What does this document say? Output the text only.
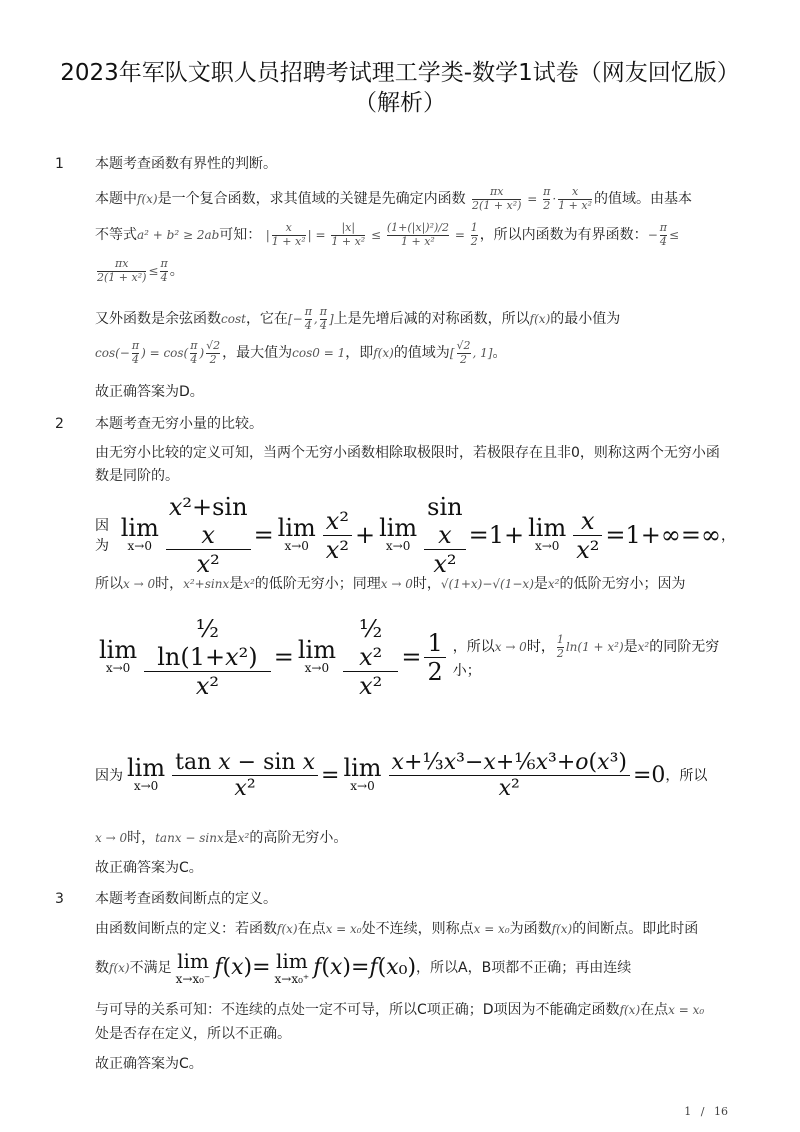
2023年军队文职人员招聘考试理工学类-数学1试卷（网友回忆版）（解析）
1 本题考查函数有界性的判断。
本题中f(x)是一个复合函数，求其值域的关键是先确定内函数 $\frac{\pi x}{\text{2(1 + x²)}} = \frac{\pi}{2} \cdot \frac{x}{\text{1 + x²}}$ 的值域。由基本
不等式a² + b² ≥ 2ab可知： | $\frac{x}{\text{1 + x²}}$ | = $\frac{|x|}{\text{1 + x²}} \le \frac{\text{(1+(|x|)²)/2}}{\text{1 + x²}} = \frac{1}{2}$ ，所以内函数为有界函数：− $\frac{\pi}{4}$ ≤
$\frac{\pi x}{\text{2(1 + x²)}} \le \frac{\pi}{4}$ 。
又外函数是余弦函数cost，它在[− $\frac{\pi}{4}$ , $\frac{\pi}{4}$ ]上是先增后减的对称函数，所以f(x)的最小值为
$\cos(- \frac{\pi}{4}$ ) = $\cos( \frac{\pi}{4}$ ) $\frac{√2}{2}$ ，最大值为cos0 = 1，即f(x)的值域为[ $\frac{√2}{2}$ , 1]。
故正确答案为D。
2 本题考查无穷小量的比较。
由无穷小比较的定义可知，当两个无穷小函数相除取极限时，若极限存在且非0，则称这两个无穷小函数是同阶的。
因为
lim
$x\to 0 \frac{\text{x²+sin x}}{\text{x²}} = \lim$
x→0
x²
x²
+ lim
$x\to 0 \frac{\text{sin x}}{\text{x²}} =1+ \lim$
$x\to 0 \frac{x}{\text{x²}} =1+\infty=\infty$ ，
所以x → 0时，x²+sinx是x²的低阶无穷小；同理x → 0时，√(1+x)−√(1−x)是x²的低阶无穷小；因为
lim
$x\to 0 \frac{\text{½ ln(1+x²)}}{\text{x²}} = \lim$
$x\to 0 \frac{\text{½ x²}}{\text{x²}} = \frac{1}{2}$ ，所以x → 0时， $\frac{1}{2} \ln(1 + x^2)$是x²的同阶无穷小；
因为 lim
$x\to 0 \frac{\text{tan x − sin x}}{\text{x²}} = \lim$
$x\to 0 \frac{\text{x+⅓x³−x+⅙x³+o(x³)}}{\text{x²}} =0$ ，所以
x → 0时，tanx − sinx是x²的高阶无穷小。
故正确答案为C。
3 本题考查函数间断点的定义。
由函数间断点的定义：若函数f(x)在点x = x₀处不连续，则称点x = x₀为函数f(x)的间断点。即此时函
数 f(x) 不满足 lim
x→x₀⁻ f(x)= lim
x→x₀⁺ f(x)=f(x₀) ，所以A，B项都不正确；再由连续
与可导的关系可知：不连续的点处一定不可导，所以C项正确；D项因为不能确定函数f(x)在点x = x₀
处是否存在定义，所以不正确。
故正确答案为C。
1 / 16
